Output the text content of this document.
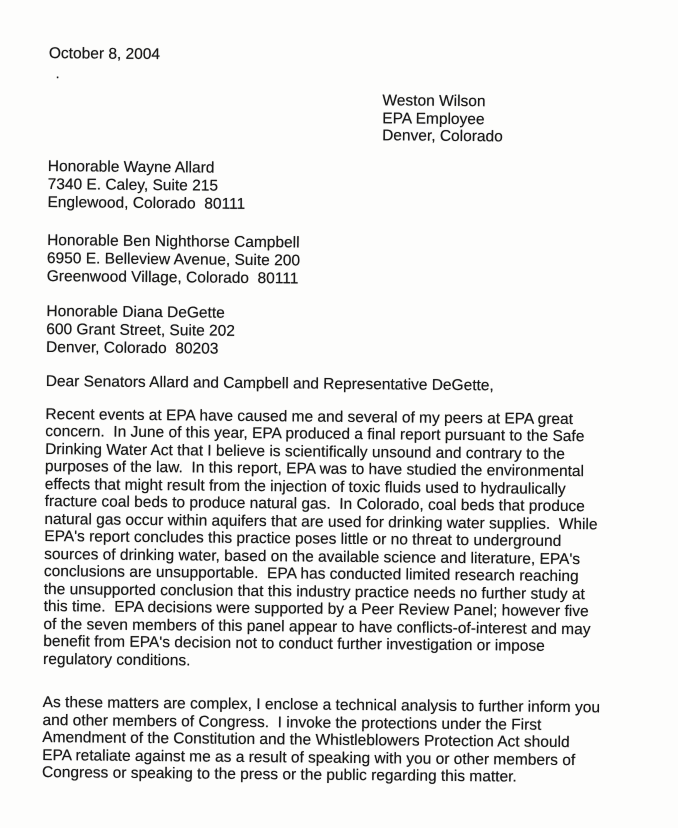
October 8, 2004
.
Weston Wilson
EPA Employee
Denver, Colorado
Honorable Wayne Allard
7340 E. Caley, Suite 215
Englewood, Colorado  80111
Honorable Ben Nighthorse Campbell
6950 E. Belleview Avenue, Suite 200
Greenwood Village, Colorado  80111
Honorable Diana DeGette
600 Grant Street, Suite 202
Denver, Colorado  80203
Dear Senators Allard and Campbell and Representative DeGette,

Recent events at EPA have caused me and several of my peers at EPA great
concern.  In June of this year, EPA produced a final report pursuant to the Safe
Drinking Water Act that I believe is scientifically unsound and contrary to the
purposes of the law.  In this report, EPA was to have studied the environmental
effects that might result from the injection of toxic fluids used to hydraulically
fracture coal beds to produce natural gas.  In Colorado, coal beds that produce
natural gas occur within aquifers that are used for drinking water supplies.  While
EPA's report concludes this practice poses little or no threat to underground
sources of drinking water, based on the available science and literature, EPA's
conclusions are unsupportable.  EPA has conducted limited research reaching
the unsupported conclusion that this industry practice needs no further study at
this time.  EPA decisions were supported by a Peer Review Panel; however five
of the seven members of this panel appear to have conflicts-of-interest and may
benefit from EPA's decision not to conduct further investigation or impose
regulatory conditions.

As these matters are complex, I enclose a technical analysis to further inform you
and other members of Congress.  I invoke the protections under the First
Amendment of the Constitution and the Whistleblowers Protection Act should
EPA retaliate against me as a result of speaking with you or other members of
Congress or speaking to the press or the public regarding this matter.
